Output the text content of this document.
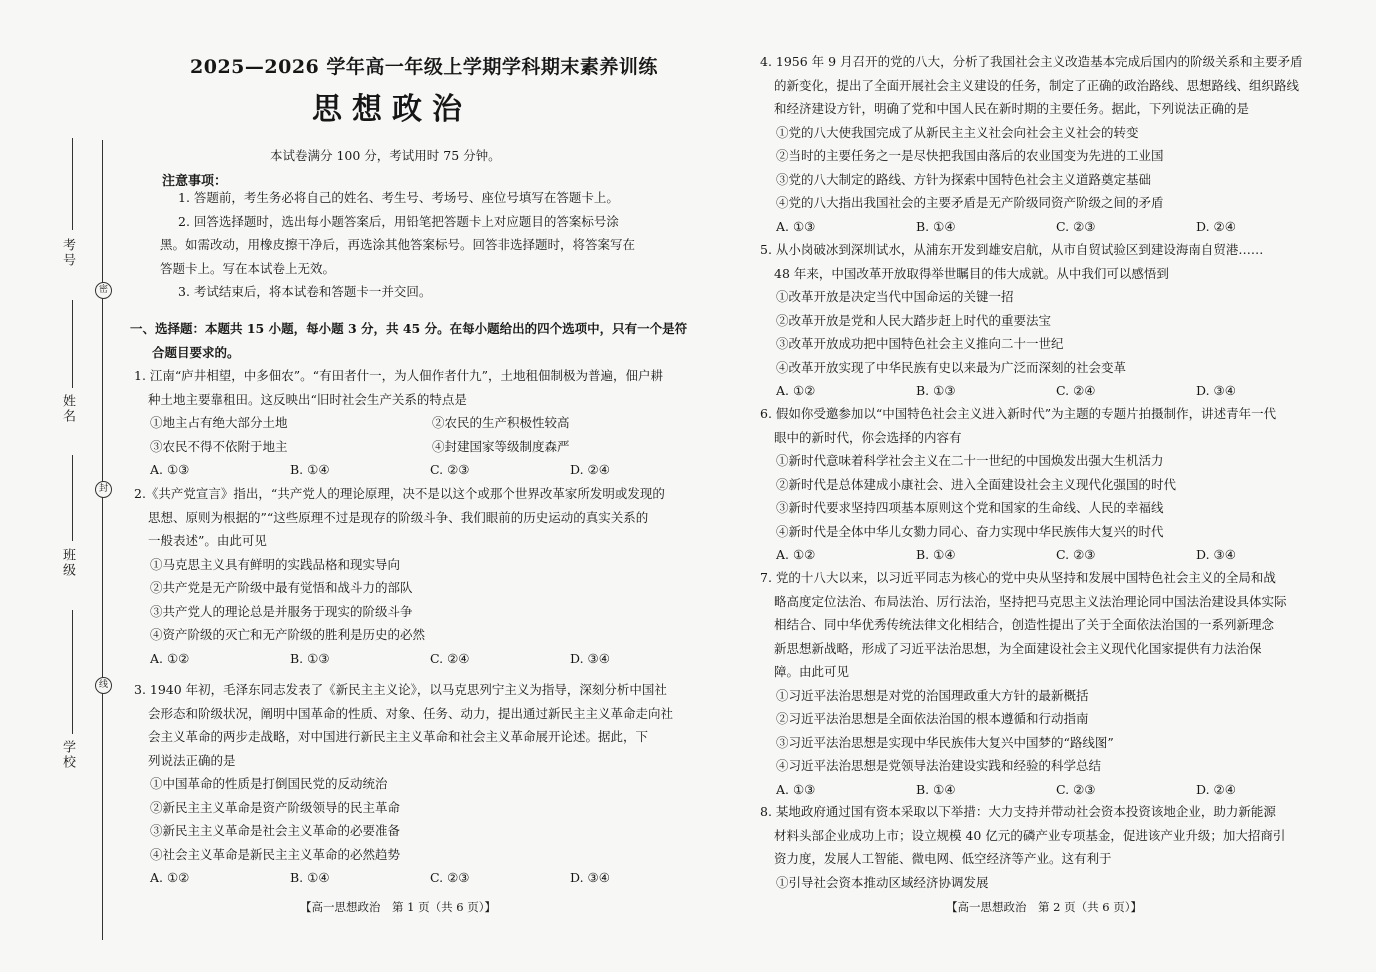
考号
姓名
班级
学校
密
封
线
2025—2026 学年高一年级上学期学科期末素养训练
思想政治
本试卷满分 100 分，考试用时 75 分钟。
注意事项：
1. 答题前，考生务必将自己的姓名、考生号、考场号、座位号填写在答题卡上。
2. 回答选择题时，选出每小题答案后，用铅笔把答题卡上对应题目的答案标号涂
黑。如需改动，用橡皮擦干净后，再选涂其他答案标号。回答非选择题时，将答案写在
答题卡上。写在本试卷上无效。
3. 考试结束后，将本试卷和答题卡一并交回。
一、选择题：本题共 15 小题，每小题 3 分，共 45 分。在每小题给出的四个选项中，只有一个是符
合题目要求的。
1. 江南“庐井相望，中多佃农”。“有田者什一，为人佃作者什九”，土地租佃制极为普遍，佃户耕
种土地主要靠租田。这反映出“旧时社会生产关系的特点是
①地主占有绝大部分土地	②农民的生产积极性较高
③农民不得不依附于地主	④封建国家等级制度森严
A. ①③	B. ①④	C. ②③	D. ②④
2.《共产党宣言》指出，“共产党人的理论原理，决不是以这个或那个世界改革家所发明或发现的
思想、原则为根据的”“这些原理不过是现存的阶级斗争、我们眼前的历史运动的真实关系的
一般表述”。由此可见
①马克思主义具有鲜明的实践品格和现实导向
②共产党是无产阶级中最有觉悟和战斗力的部队
③共产党人的理论总是并服务于现实的阶级斗争
④资产阶级的灭亡和无产阶级的胜利是历史的必然
A. ①②	B. ①③	C. ②④	D. ③④
3. 1940 年初，毛泽东同志发表了《新民主主义论》，以马克思列宁主义为指导，深刻分析中国社
会形态和阶级状况，阐明中国革命的性质、对象、任务、动力，提出通过新民主主义革命走向社
会主义革命的两步走战略，对中国进行新民主主义革命和社会主义革命展开论述。据此，下
列说法正确的是
①中国革命的性质是打倒国民党的反动统治
②新民主主义革命是资产阶级领导的民主革命
③新民主主义革命是社会主义革命的必要准备
④社会主义革命是新民主主义革命的必然趋势
A. ①②	B. ①④	C. ②③	D. ③④
4. 1956 年 9 月召开的党的八大，分析了我国社会主义改造基本完成后国内的阶级关系和主要矛盾
的新变化，提出了全面开展社会主义建设的任务，制定了正确的政治路线、思想路线、组织路线
和经济建设方针，明确了党和中国人民在新时期的主要任务。据此，下列说法正确的是
①党的八大使我国完成了从新民主主义社会向社会主义社会的转变
②当时的主要任务之一是尽快把我国由落后的农业国变为先进的工业国
③党的八大制定的路线、方针为探索中国特色社会主义道路奠定基础
④党的八大指出我国社会的主要矛盾是无产阶级同资产阶级之间的矛盾
A. ①③	B. ①④	C. ②③	D. ②④
5. 从小岗破冰到深圳试水，从浦东开发到雄安启航，从市自贸试验区到建设海南自贸港……
48 年来，中国改革开放取得举世瞩目的伟大成就。从中我们可以感悟到
①改革开放是决定当代中国命运的关键一招
②改革开放是党和人民大踏步赶上时代的重要法宝
③改革开放成功把中国特色社会主义推向二十一世纪
④改革开放实现了中华民族有史以来最为广泛而深刻的社会变革
A. ①②	B. ①③	C. ②④	D. ③④
6. 假如你受邀参加以“中国特色社会主义进入新时代”为主题的专题片拍摄制作，讲述青年一代
眼中的新时代，你会选择的内容有
①新时代意味着科学社会主义在二十一世纪的中国焕发出强大生机活力
②新时代是总体建成小康社会、进入全面建设社会主义现代化强国的时代
③新时代要求坚持四项基本原则这个党和国家的生命线、人民的幸福线
④新时代是全体中华儿女勠力同心、奋力实现中华民族伟大复兴的时代
A. ①②	B. ①④	C. ②③	D. ③④
7. 党的十八大以来，以习近平同志为核心的党中央从坚持和发展中国特色社会主义的全局和战
略高度定位法治、布局法治、厉行法治，坚持把马克思主义法治理论同中国法治建设具体实际
相结合、同中华优秀传统法律文化相结合，创造性提出了关于全面依法治国的一系列新理念
新思想新战略，形成了习近平法治思想，为全面建设社会主义现代化国家提供有力法治保
障。由此可见
①习近平法治思想是对党的治国理政重大方针的最新概括
②习近平法治思想是全面依法治国的根本遵循和行动指南
③习近平法治思想是实现中华民族伟大复兴中国梦的“路线图”
④习近平法治思想是党领导法治建设实践和经验的科学总结
A. ①③	B. ①④	C. ②③	D. ②④
8. 某地政府通过国有资本采取以下举措：大力支持并带动社会资本投资该地企业，助力新能源
材料头部企业成功上市；设立规模 40 亿元的磷产业专项基金，促进该产业升级；加大招商引
资力度，发展人工智能、微电网、低空经济等产业。这有利于
①引导社会资本推动区域经济协调发展
【高一思想政治　第 1 页（共 6 页）】	【高一思想政治　第 2 页（共 6 页）】
